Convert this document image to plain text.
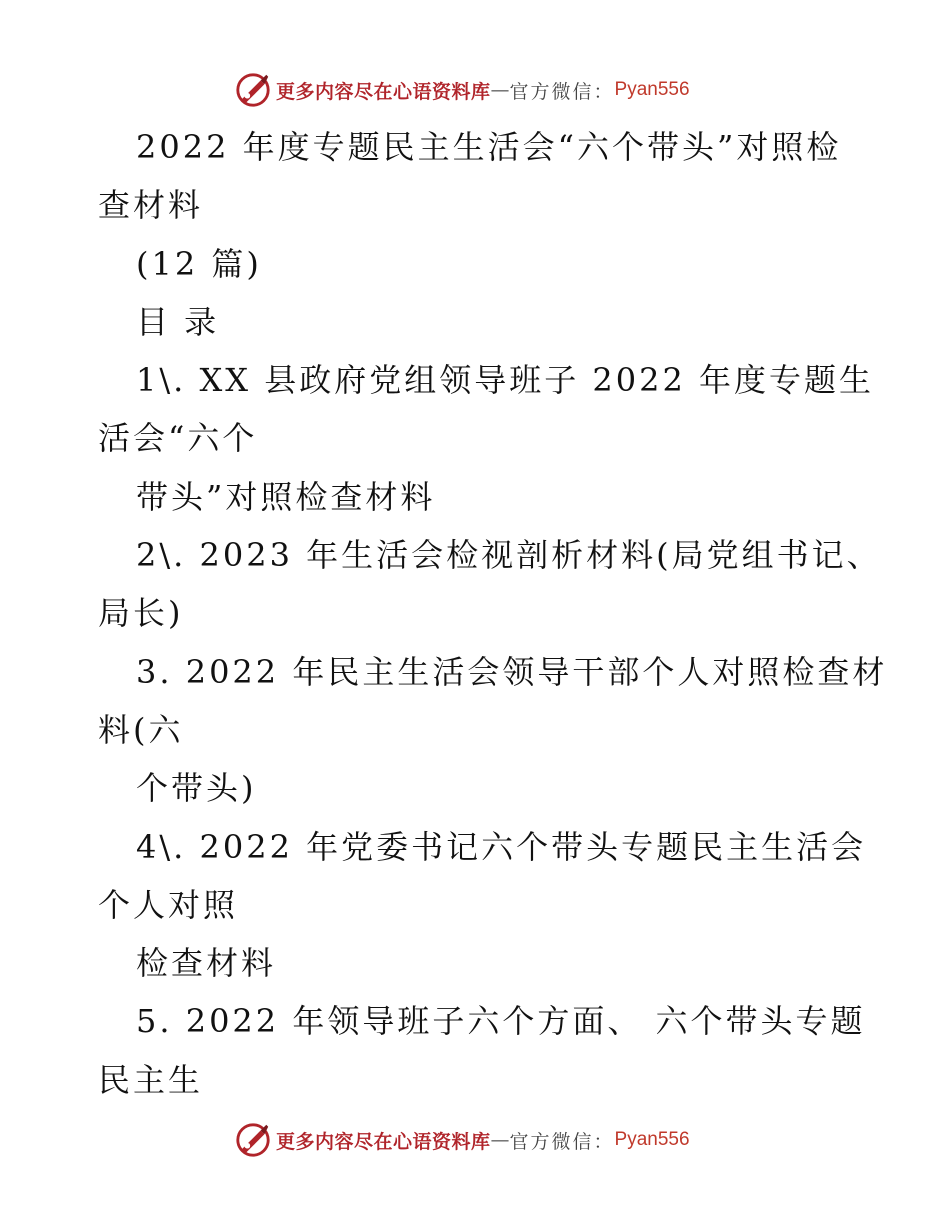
更多内容尽在心语资料库 — 官方微信： Pyan556
2022 年度专题民主生活会“六个带头”对照检
查材料
(12 篇)
目 录
1\. XX 县政府党组领导班子 2022 年度专题生
活会“六个
带头”对照检查材料
2\. 2023 年生活会检视剖析材料(局党组书记、
局长)
3. 2022 年民主生活会领导干部个人对照检查材
料(六
个带头)
4\. 2022 年党委书记六个带头专题民主生活会
个人对照
检查材料
5. 2022 年领导班子六个方面、 六个带头专题
民主生
更多内容尽在心语资料库 — 官方微信： Pyan556
